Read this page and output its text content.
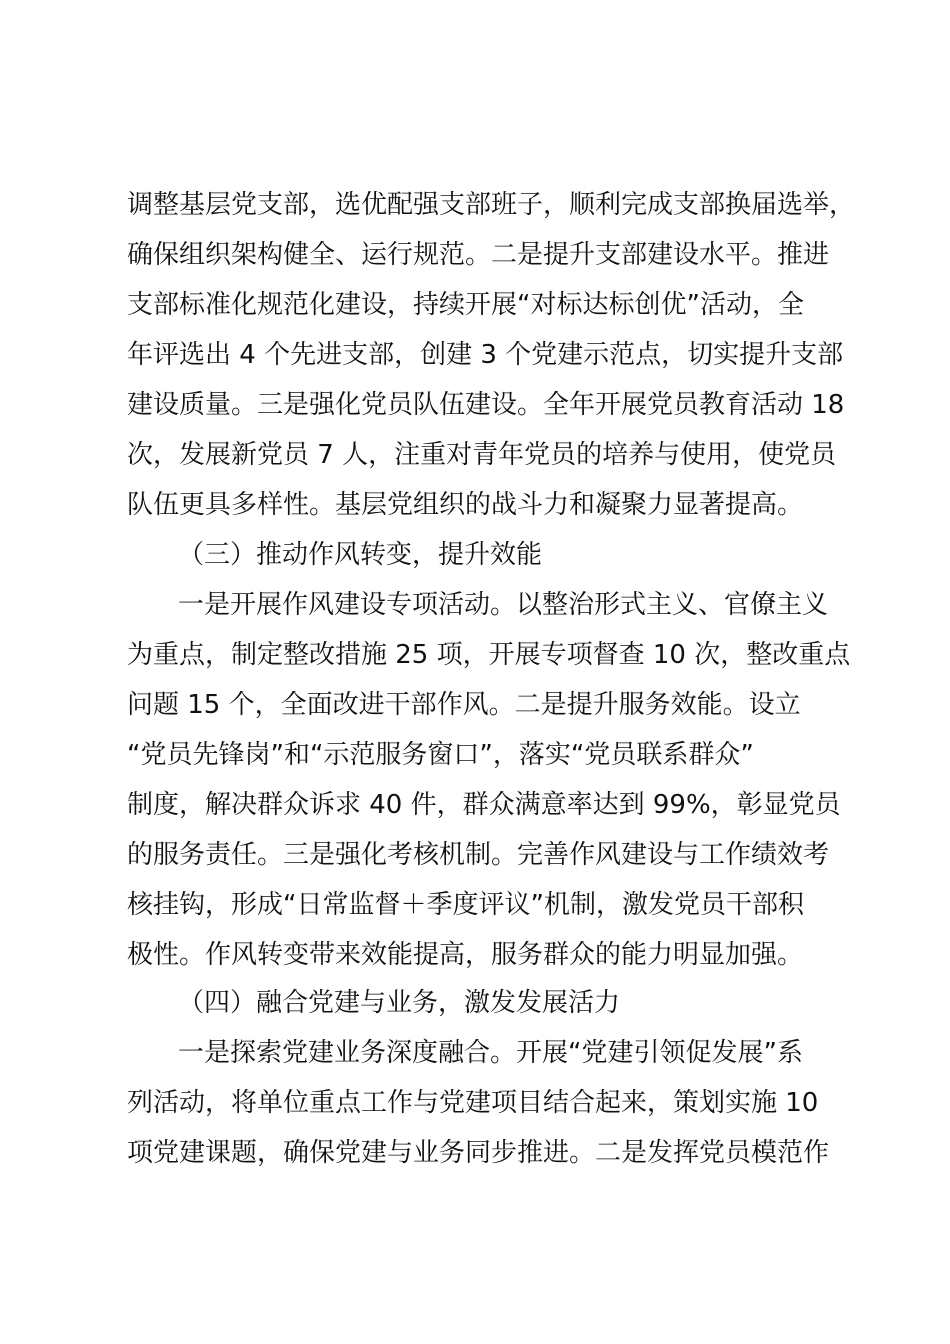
调整基层党支部，选优配强支部班子，顺利完成支部换届选举，
确保组织架构健全、运行规范。二是提升支部建设水平。推进
支部标准化规范化建设，持续开展“对标达标创优”活动，全
年评选出 4 个先进支部，创建 3 个党建示范点，切实提升支部
建设质量。三是强化党员队伍建设。全年开展党员教育活动 18
次，发展新党员 7 人，注重对青年党员的培养与使用，使党员
队伍更具多样性。基层党组织的战斗力和凝聚力显著提高。
（三）推动作风转变，提升效能
一是开展作风建设专项活动。以整治形式主义、官僚主义
为重点，制定整改措施 25 项，开展专项督查 10 次，整改重点
问题 15 个，全面改进干部作风。二是提升服务效能。设立
“党员先锋岗”和“示范服务窗口”，落实“党员联系群众”
制度，解决群众诉求 40 件，群众满意率达到 99%，彰显党员
的服务责任。三是强化考核机制。完善作风建设与工作绩效考
核挂钩，形成“日常监督＋季度评议”机制，激发党员干部积
极性。作风转变带来效能提高，服务群众的能力明显加强。
（四）融合党建与业务，激发发展活力
一是探索党建业务深度融合。开展“党建引领促发展”系
列活动，将单位重点工作与党建项目结合起来，策划实施 10
项党建课题，确保党建与业务同步推进。二是发挥党员模范作
